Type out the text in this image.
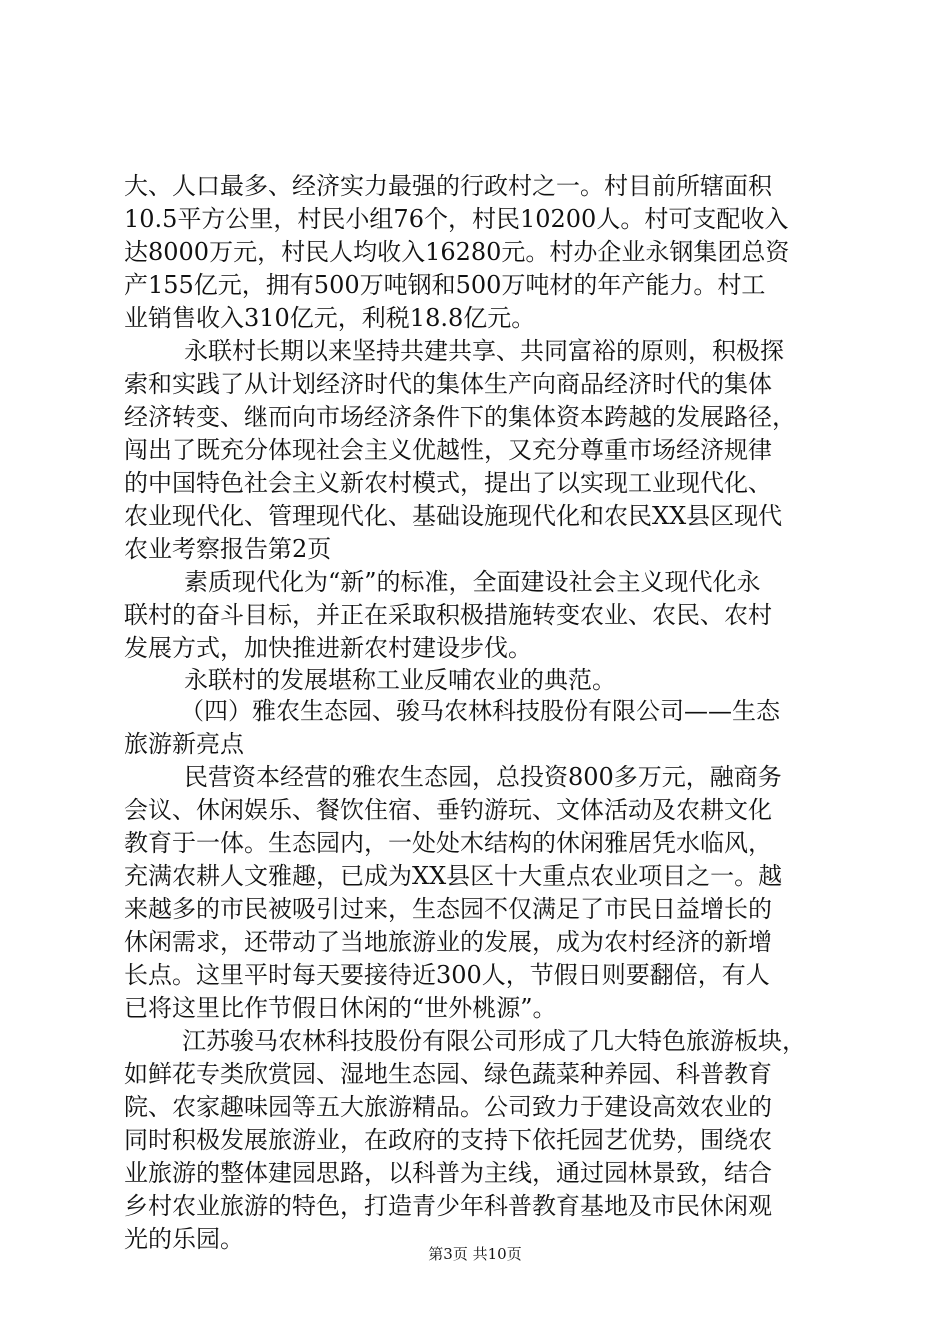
大、人口最多、经济实力最强的行政村之一。村目前所辖面积
10.5平方公里，村民小组76个，村民10200人。村可支配收入
达8000万元，村民人均收入16280元。村办企业永钢集团总资
产155亿元，拥有500万吨钢和500万吨材的年产能力。村工
业销售收入310亿元，利税18.8亿元。
永联村长期以来坚持共建共享、共同富裕的原则，积极探
索和实践了从计划经济时代的集体生产向商品经济时代的集体
经济转变、继而向市场经济条件下的集体资本跨越的发展路径，
闯出了既充分体现社会主义优越性，又充分尊重市场经济规律
的中国特色社会主义新农村模式，提出了以实现工业现代化、
农业现代化、管理现代化、基础设施现代化和农民XX县区现代
农业考察报告第2页
素质现代化为“新”的标准，全面建设社会主义现代化永
联村的奋斗目标，并正在采取积极措施转变农业、农民、农村
发展方式，加快推进新农村建设步伐。
永联村的发展堪称工业反哺农业的典范。
（四）雅农生态园、骏马农林科技股份有限公司——生态
旅游新亮点
民营资本经营的雅农生态园，总投资800多万元，融商务
会议、休闲娱乐、餐饮住宿、垂钓游玩、文体活动及农耕文化
教育于一体。生态园内，一处处木结构的休闲雅居凭水临风，
充满农耕人文雅趣，已成为XX县区十大重点农业项目之一。越
来越多的市民被吸引过来，生态园不仅满足了市民日益增长的
休闲需求，还带动了当地旅游业的发展，成为农村经济的新增
长点。这里平时每天要接待近300人，节假日则要翻倍，有人
已将这里比作节假日休闲的“世外桃源”。
江苏骏马农林科技股份有限公司形成了几大特色旅游板块，
如鲜花专类欣赏园、湿地生态园、绿色蔬菜种养园、科普教育
院、农家趣味园等五大旅游精品。公司致力于建设高效农业的
同时积极发展旅游业，在政府的支持下依托园艺优势，围绕农
业旅游的整体建园思路，以科普为主线，通过园林景致，结合
乡村农业旅游的特色，打造青少年科普教育基地及市民休闲观
光的乐园。
第3页 共10页
